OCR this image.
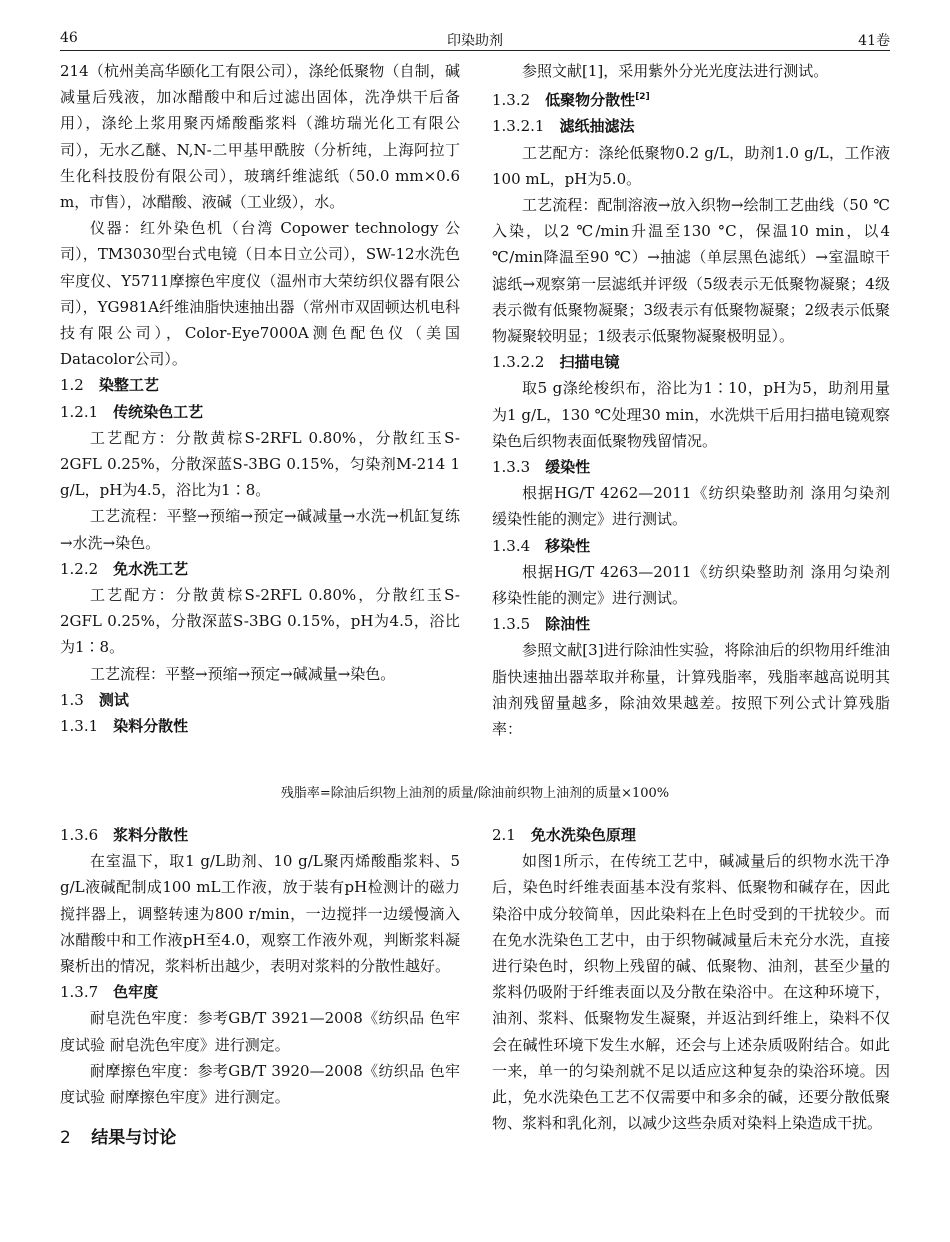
46	印染助剂	41卷

214（杭州美高华颐化工有限公司），涤纶低聚物（自制，碱减量后残液，加冰醋酸中和后过滤出固体，洗净烘干后备用），涤纶上浆用聚丙烯酸酯浆料（潍坊瑞光化工有限公司），无水乙醚、N,N-二甲基甲酰胺（分析纯，上海阿拉丁生化科技股份有限公司），玻璃纤维滤纸（50.0 mm×0.6 m，市售），冰醋酸、液碱（工业级），水。

仪器：红外染色机（台湾 Copower technology 公司），TM3030型台式电镜（日本日立公司），SW-12水洗色牢度仪、Y5711摩擦色牢度仪（温州市大荣纺织仪器有限公司），YG981A纤维油脂快速抽出器（常州市双固顿达机电科技有限公司），Color-Eye7000A测色配色仪（美国Datacolor公司）。

1.2 染整工艺
1.2.1 传统染色工艺

工艺配方：分散黄棕S-2RFL 0.80%，分散红玉S-2GFL 0.25%，分散深蓝S-3BG 0.15%，匀染剂M-214 1 g/L，pH为4.5，浴比为1∶8。

工艺流程：平整→预缩→预定→碱减量→水洗→机缸复练→水洗→染色。

1.2.2 免水洗工艺

工艺配方：分散黄棕S-2RFL 0.80%，分散红玉S-2GFL 0.25%，分散深蓝S-3BG 0.15%，pH为4.5，浴比为1∶8。

工艺流程：平整→预缩→预定→碱减量→染色。

1.3 测试
1.3.1 染料分散性

参照文献[1]，采用紫外分光光度法进行测试。

1.3.2 低聚物分散性[2]
1.3.2.1 滤纸抽滤法

工艺配方：涤纶低聚物0.2 g/L，助剂1.0 g/L，工作液100 mL，pH为5.0。

工艺流程：配制溶液→放入织物→绘制工艺曲线（50 ℃入染，以2 ℃/min升温至130 °C，保温10 min，以4 ℃/min降温至90 ℃）→抽滤（单层黑色滤纸）→室温晾干滤纸→观察第一层滤纸并评级（5级表示无低聚物凝聚；4级表示微有低聚物凝聚；3级表示有低聚物凝聚；2级表示低聚物凝聚较明显；1级表示低聚物凝聚极明显）。

1.3.2.2 扫描电镜

取5 g涤纶梭织布，浴比为1∶10，pH为5，助剂用量为1 g/L，130 ℃处理30 min，水洗烘干后用扫描电镜观察染色后织物表面低聚物残留情况。

1.3.3 缓染性

根据HG/T 4262—2011《纺织染整助剂 涤用匀染剂 缓染性能的测定》进行测试。

1.3.4 移染性

根据HG/T 4263—2011《纺织染整助剂 涤用匀染剂 移染性能的测定》进行测试。

1.3.5 除油性

参照文献[3]进行除油性实验，将除油后的织物用纤维油脂快速抽出器萃取并称量，计算残脂率，残脂率越高说明其油剂残留量越多，除油效果越差。按照下列公式计算残脂率：

残脂率=除油后织物上油剂的质量/除油前织物上油剂的质量×100%
1.3.6 浆料分散性

在室温下，取1 g/L助剂、10 g/L聚丙烯酸酯浆料、5 g/L液碱配制成100 mL工作液，放于装有pH检测计的磁力搅拌器上，调整转速为800 r/min，一边搅拌一边缓慢滴入冰醋酸中和工作液pH至4.0，观察工作液外观，判断浆料凝聚析出的情况，浆料析出越少，表明对浆料的分散性越好。

1.3.7 色牢度

耐皂洗色牢度：参考GB/T 3921—2008《纺织品 色牢度试验 耐皂洗色牢度》进行测定。

耐摩擦色牢度：参考GB/T 3920—2008《纺织品 色牢度试验 耐摩擦色牢度》进行测定。

2 结果与讨论

2.1 免水洗染色原理

如图1所示，在传统工艺中，碱减量后的织物水洗干净后，染色时纤维表面基本没有浆料、低聚物和碱存在，因此染浴中成分较简单，因此染料在上色时受到的干扰较少。而在免水洗染色工艺中，由于织物碱减量后未充分水洗，直接进行染色时，织物上残留的碱、低聚物、油剂，甚至少量的浆料仍吸附于纤维表面以及分散在染浴中。在这种环境下，油剂、浆料、低聚物发生凝聚，并返沾到纤维上，染料不仅会在碱性环境下发生水解，还会与上述杂质吸附结合。如此一来，单一的匀染剂就不足以适应这种复杂的染浴环境。因此，免水洗染色工艺不仅需要中和多余的碱，还要分散低聚物、浆料和乳化剂，以减少这些杂质对染料上染造成干扰。
